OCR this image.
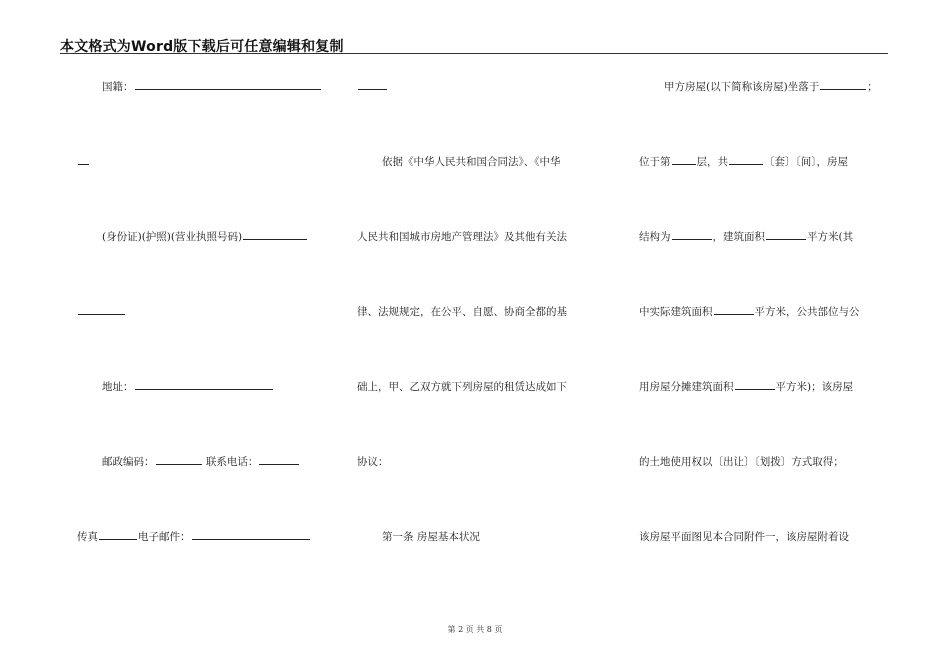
本文格式为Word版下载后可任意编辑和复制
国籍：
(身份证)(护照)(营业执照号码)
地址：
邮政编码：	联系电话：
传真	电子邮件：
依据《中华人民共和国合同法》、《中华
人民共和国城市房地产管理法》及其他有关法
律、法规规定，在公平、自愿、协商全都的基
础上，甲、乙双方就下列房屋的租赁达成如下
协议：
第一条 房屋基本状况
甲方房屋(以下简称该房屋)坐落于	；
位于第 层，共	〔套〕〔间〕，房屋
结构为	，建筑面积	平方米(其
中实际建筑面积	平方米，公共部位与公
用房屋分摊建筑面积	平方米)；该房屋
的土地使用权以〔出让〕〔划拨〕方式取得；
该房屋平面图见本合同附件一，该房屋附着设
第 2 页 共 8 页
